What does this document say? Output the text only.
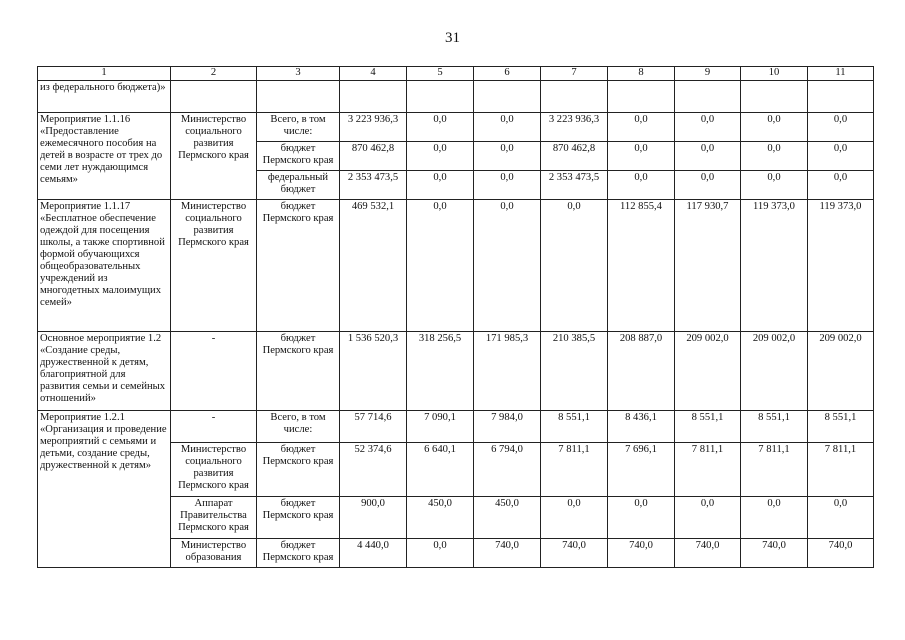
31
1	2	3	4	5	6	7	8	9	10	11
из федерального бюджета)»										
Мероприятие 1.1.16 «Предоставление ежемесячного пособия на детей в возрасте от трех до семи лет нуждающимся семьям»	Министерство социального развития Пермского края	Всего, в том числе:	3 223 936,3	0,0	0,0	3 223 936,3	0,0	0,0	0,0	0,0
		бюджет Пермского края	870 462,8	0,0	0,0	870 462,8	0,0	0,0	0,0	0,0
		федеральный бюджет	2 353 473,5	0,0	0,0	2 353 473,5	0,0	0,0	0,0	0,0
Мероприятие 1.1.17 «Бесплатное обеспечение одеждой для посещения школы, а также спортивной формой обучающихся общеобразовательных учреждений из многодетных малоимущих семей»	Министерство социального развития Пермского края	бюджет Пермского края	469 532,1	0,0	0,0	0,0	112 855,4	117 930,7	119 373,0	119 373,0
Основное мероприятие 1.2 «Создание среды, дружественной к детям, благоприятной для развития семьи и семейных отношений»	-	бюджет Пермского края	1 536 520,3	318 256,5	171 985,3	210 385,5	208 887,0	209 002,0	209 002,0	209 002,0
Мероприятие 1.2.1 «Организация и проведение мероприятий с семьями и детьми, создание среды, дружественной к детям»	-	Всего, в том числе:	57 714,6	7 090,1	7 984,0	8 551,1	8 436,1	8 551,1	8 551,1	8 551,1
	Министерство социального развития Пермского края	бюджет Пермского края	52 374,6	6 640,1	6 794,0	7 811,1	7 696,1	7 811,1	7 811,1	7 811,1
	Аппарат Правительства Пермского края	бюджет Пермского края	900,0	450,0	450,0	0,0	0,0	0,0	0,0	0,0
	Министерство образования	бюджет Пермского края	4 440,0	0,0	740,0	740,0	740,0	740,0	740,0	740,0
